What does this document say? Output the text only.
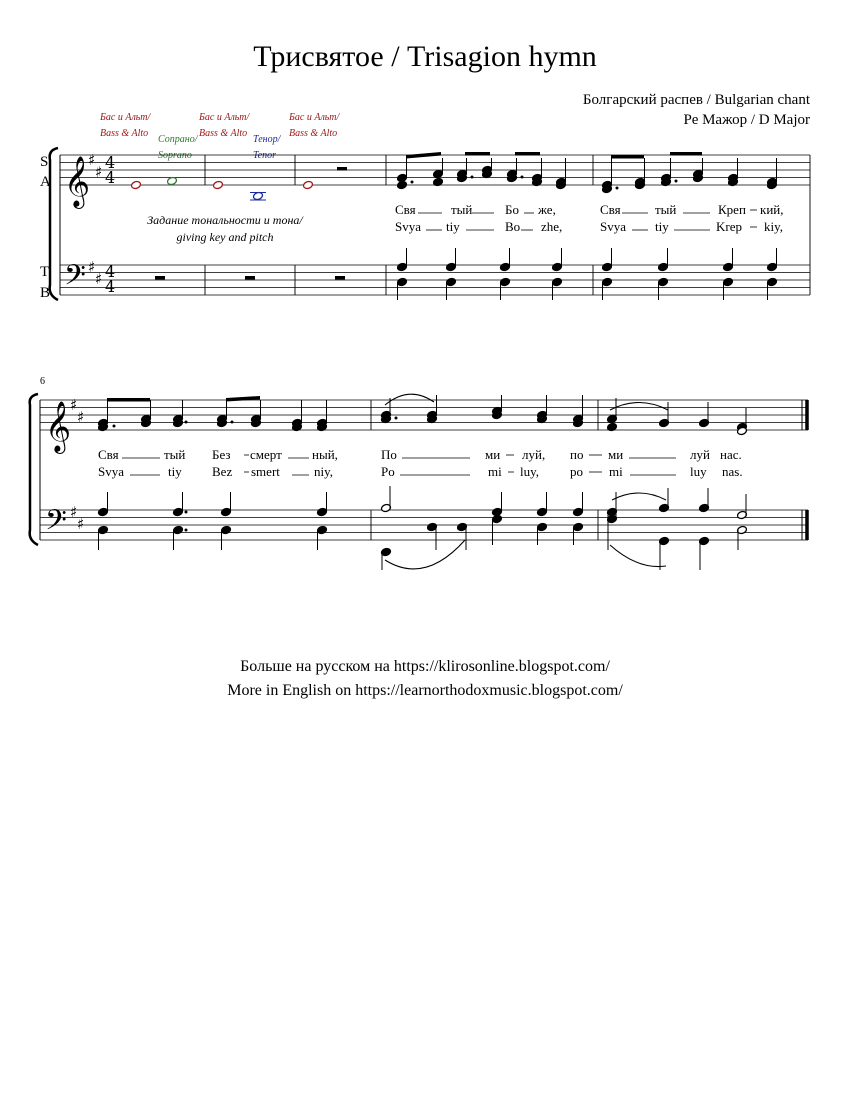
Трисвятое / Trisagion hymn
Болгарский распев / Bulgarian chant
Ре Мажор / D Major
Бас и Альт/
Bass & Alto
Сопрано/
Soprano
Бас и Альт/
Bass & Alto
Тенор/
Tenor
Бас и Альт/
Bass & Alto
Задание тональности и тона/
giving key and pitch
S
A
T
B
6
Свя	тый	Бо же,	Свя	тый	Креп кий,
Svya tiy	Bo zhe,	Svya tiy	Krep kiy,
Свя	тый Без смерт ный,	По	ми луй, по ми	луй нас.
Svya	tiy Bez smert	niy,	Po	mi luy, po mi	luy nas.
𝄞
𝄢
♯
♯
♯
♯
4
4
4
4
𝄞
𝄢
♯
♯
♯
♯
Больше на русском на https://klirosonline.blogspot.com/
More in English on https://learnorthodoxmusic.blogspot.com/
